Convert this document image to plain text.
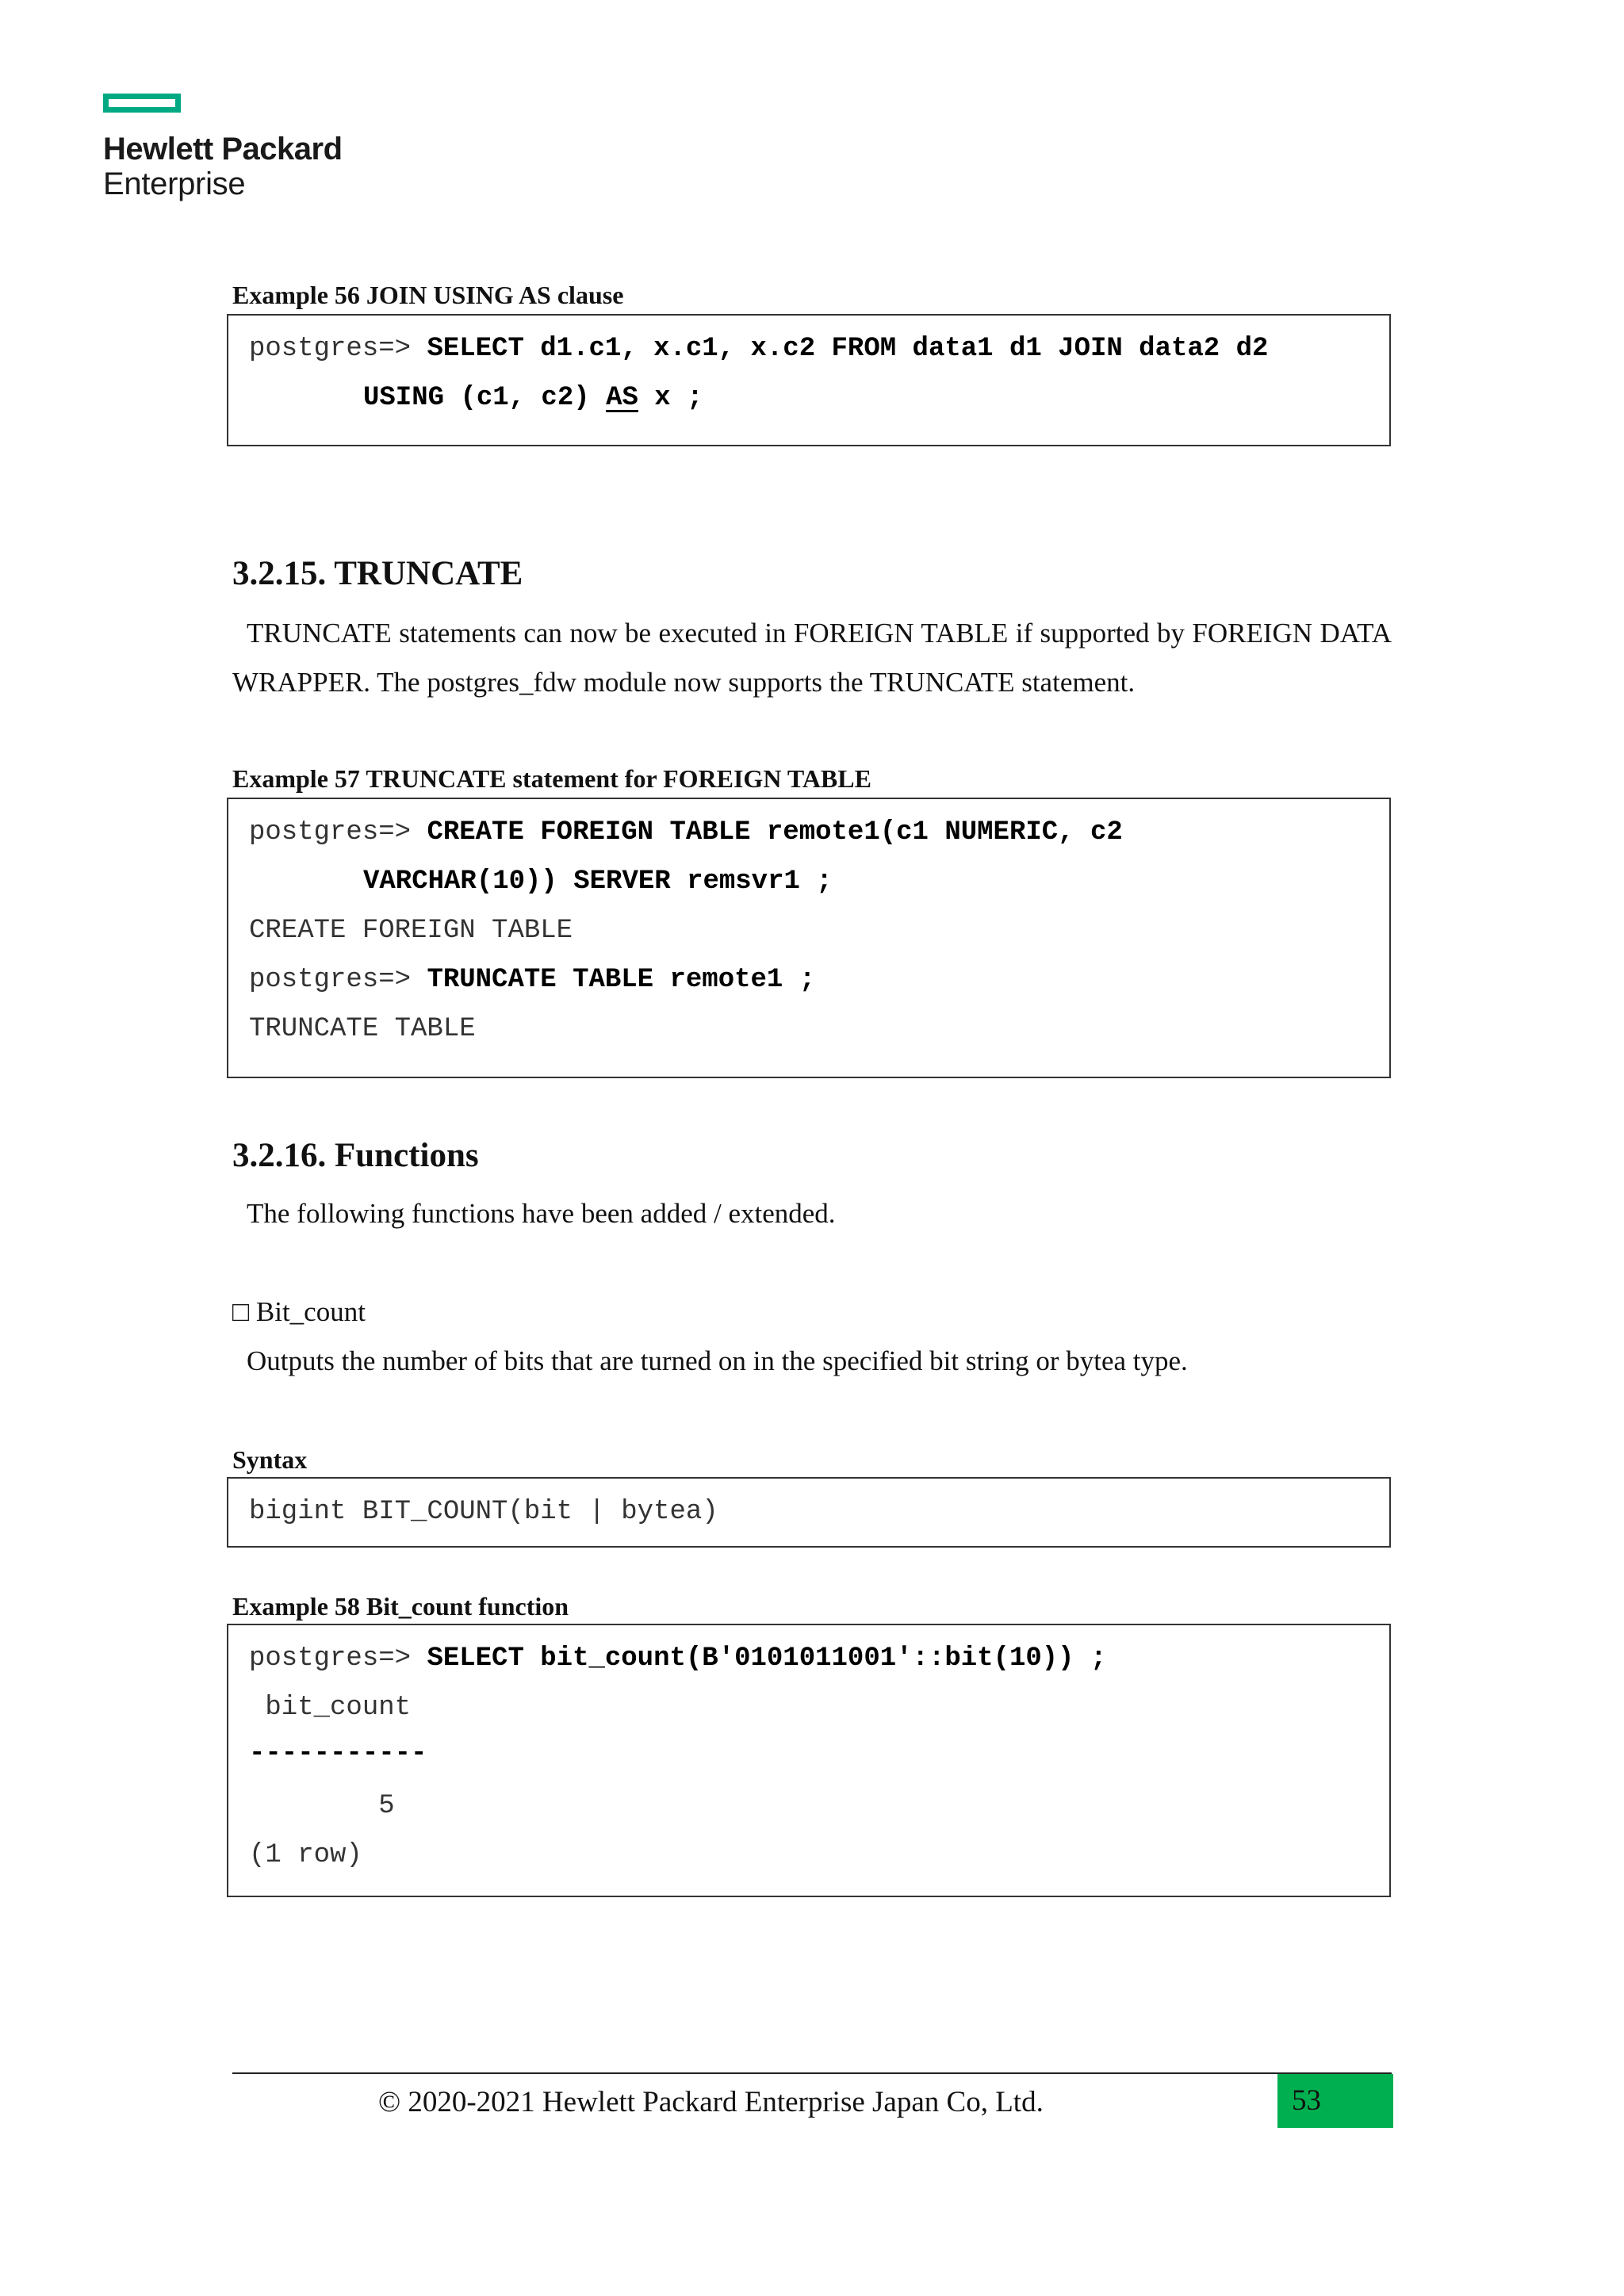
Hewlett Packard
Enterprise

Example 56 JOIN USING AS clause

postgres=> SELECT d1.c1, x.c1, x.c2 FROM data1 d1 JOIN data2 d2
USING (c1, c2) AS x ;
3.2.15. TRUNCATE

TRUNCATE statements can now be executed in FOREIGN TABLE if supported by FOREIGN DATA WRAPPER. The postgres_fdw module now supports the TRUNCATE statement.

Example 57 TRUNCATE statement for FOREIGN TABLE

postgres=> CREATE FOREIGN TABLE remote1(c1 NUMERIC, c2
VARCHAR(10)) SERVER remsvr1 ;
CREATE FOREIGN TABLE
postgres=> TRUNCATE TABLE remote1 ;
TRUNCATE TABLE
3.2.16. Functions

The following functions have been added / extended.

□ Bit_count

Outputs the number of bits that are turned on in the specified bit string or bytea type.

Syntax

bigint BIT_COUNT(bit | bytea)

Example 58 Bit_count function

postgres=> SELECT bit_count(B'0101011001'::bit(10)) ;
bit_count
-----------
5
(1 row)
© 2020-2021 Hewlett Packard Enterprise Japan Co, Ltd.	53
